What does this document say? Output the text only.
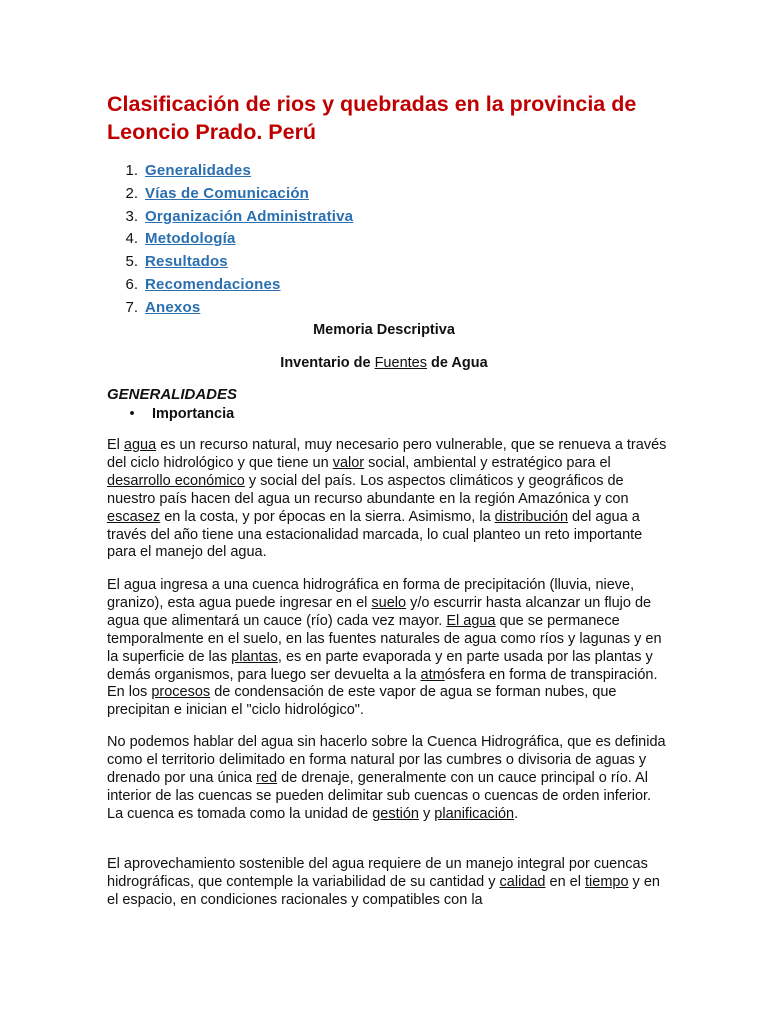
Clasificación de rios y quebradas en la provincia de Leoncio Prado. Perú
1. Generalidades
2. Vías de Comunicación
3. Organización Administrativa
4. Metodología
5. Resultados
6. Recomendaciones
7. Anexos

Memoria Descriptiva

Inventario de Fuentes de Agua

GENERALIDADES

• Importancia

El agua es un recurso natural, muy necesario pero vulnerable, que se renueva a través del ciclo hidrológico y que tiene un valor social, ambiental y estratégico para el desarrollo económico y social del país. Los aspectos climáticos y geográficos de nuestro país hacen del agua un recurso abundante en la región Amazónica y con escasez en la costa, y por épocas en la sierra. Asimismo, la distribución del agua a través del año tiene una estacionalidad marcada, lo cual planteo un reto importante para el manejo del agua.

El agua ingresa a una cuenca hidrográfica en forma de precipitación (lluvia, nieve, granizo), esta agua puede ingresar en el suelo y/o escurrir hasta alcanzar un flujo de agua que alimentará un cauce (río) cada vez mayor. El agua que se permanece temporalmente en el suelo, en las fuentes naturales de agua como ríos y lagunas y en la superficie de las plantas, es en parte evaporada y en parte usada por las plantas y demás organismos, para luego ser devuelta a la atmósfera en forma de transpiración. En los procesos de condensación de este vapor de agua se forman nubes, que precipitan e inician el "ciclo hidrológico".

No podemos hablar del agua sin hacerlo sobre la Cuenca Hidrográfica, que es definida como el territorio delimitado en forma natural por las cumbres o divisoria de aguas y drenado por una única red de drenaje, generalmente con un cauce principal o río. Al interior de las cuencas se pueden delimitar sub cuencas o cuencas de orden inferior. La cuenca es tomada como la unidad de gestión y planificación.

El aprovechamiento sostenible del agua requiere de un manejo integral por cuencas hidrográficas, que contemple la variabilidad de su cantidad y calidad en el tiempo y en el espacio, en condiciones racionales y compatibles con la
